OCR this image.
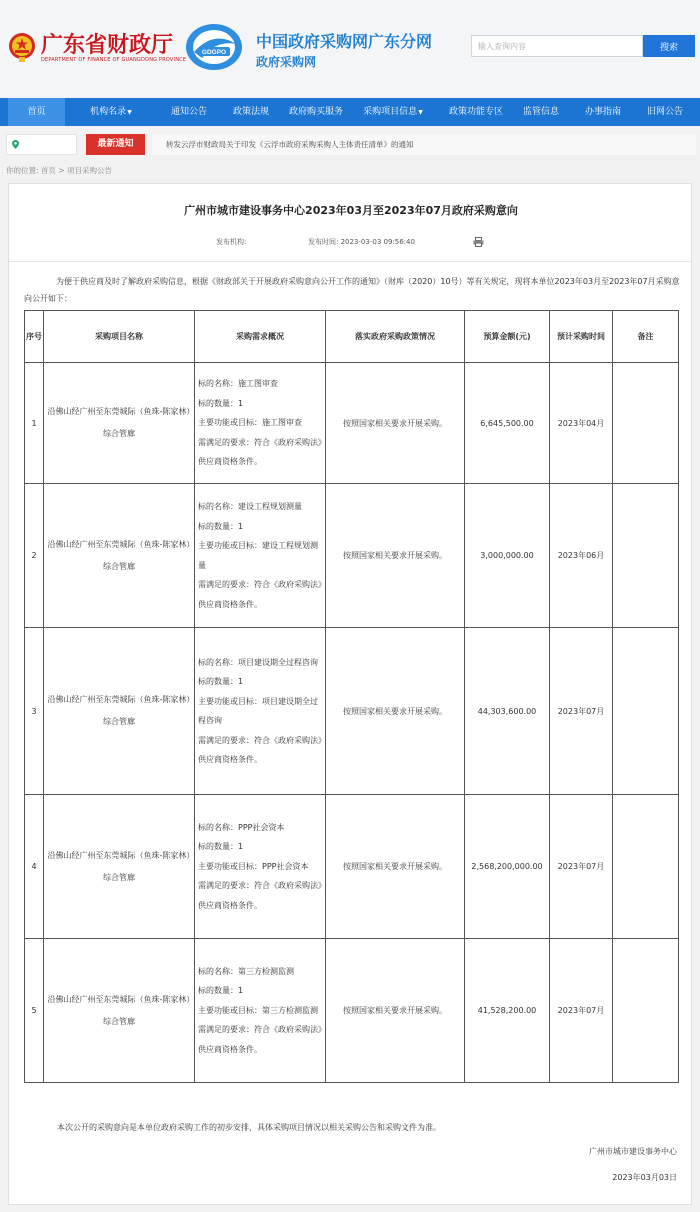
广东省财政厅
DEPARTMENT OF FINANCE OF GUANGDONG PROVINCE
GDGPO
中国政府采购网广东分网
政府采购网
输入查询内容
搜索
首页	机构名录▼	通知公告	政策法规	政府购买服务	采购项目信息▼	政策功能专区	监管信息	办事指南	旧网公告
最新通知	转发云浮市财政局关于印发《云浮市政府采购采购人主体责任清单》的通知
你的位置: 首页 > 项目采购公告
广州市城市建设事务中心2023年03月至2023年07月政府采购意向
发布机构:	发布时间: 2023-03-03 09:56:40
为便于供应商及时了解政府采购信息，根据《财政部关于开展政府采购意向公开工作的通知》（财库（2020）10号）等有关规定，现将本单位2023年03月至2023年07月采购意向公开如下：
序号	采购项目名称	采购需求概况	落实政府采购政策情况	预算金额(元)	预计采购时间	备注
1	沿佛山经广州至东莞城际（鱼珠-陈家林）综合管廊	标的名称：施工图审查
标的数量：1
主要功能或目标：施工图审查
需满足的要求：符合《政府采购法》供应商资格条件。	按照国家相关要求开展采购。	6,645,500.00	2023年04月	
2	沿佛山经广州至东莞城际（鱼珠-陈家林）综合管廊	标的名称：建设工程规划测量
标的数量：1
主要功能或目标：建设工程规划测量
需满足的要求：符合《政府采购法》供应商资格条件。	按照国家相关要求开展采购。	3,000,000.00	2023年06月	
3	沿佛山经广州至东莞城际（鱼珠-陈家林）综合管廊	标的名称：项目建设期全过程咨询
标的数量：1
主要功能或目标：项目建设期全过程咨询
需满足的要求：符合《政府采购法》供应商资格条件。	按照国家相关要求开展采购。	44,303,600.00	2023年07月	
4	沿佛山经广州至东莞城际（鱼珠-陈家林）综合管廊	标的名称：PPP社会资本
标的数量：1
主要功能或目标：PPP社会资本
需满足的要求：符合《政府采购法》供应商资格条件。	按照国家相关要求开展采购。	2,568,200,000.00	2023年07月	
5	沿佛山经广州至东莞城际（鱼珠-陈家林）综合管廊	标的名称：第三方检测监测
标的数量：1
主要功能或目标：第三方检测监测
需满足的要求：符合《政府采购法》供应商资格条件。	按照国家相关要求开展采购。	41,528,200.00	2023年07月	
本次公开的采购意向是本单位政府采购工作的初步安排，具体采购项目情况以相关采购公告和采购文件为准。
广州市城市建设事务中心
2023年03月03日
